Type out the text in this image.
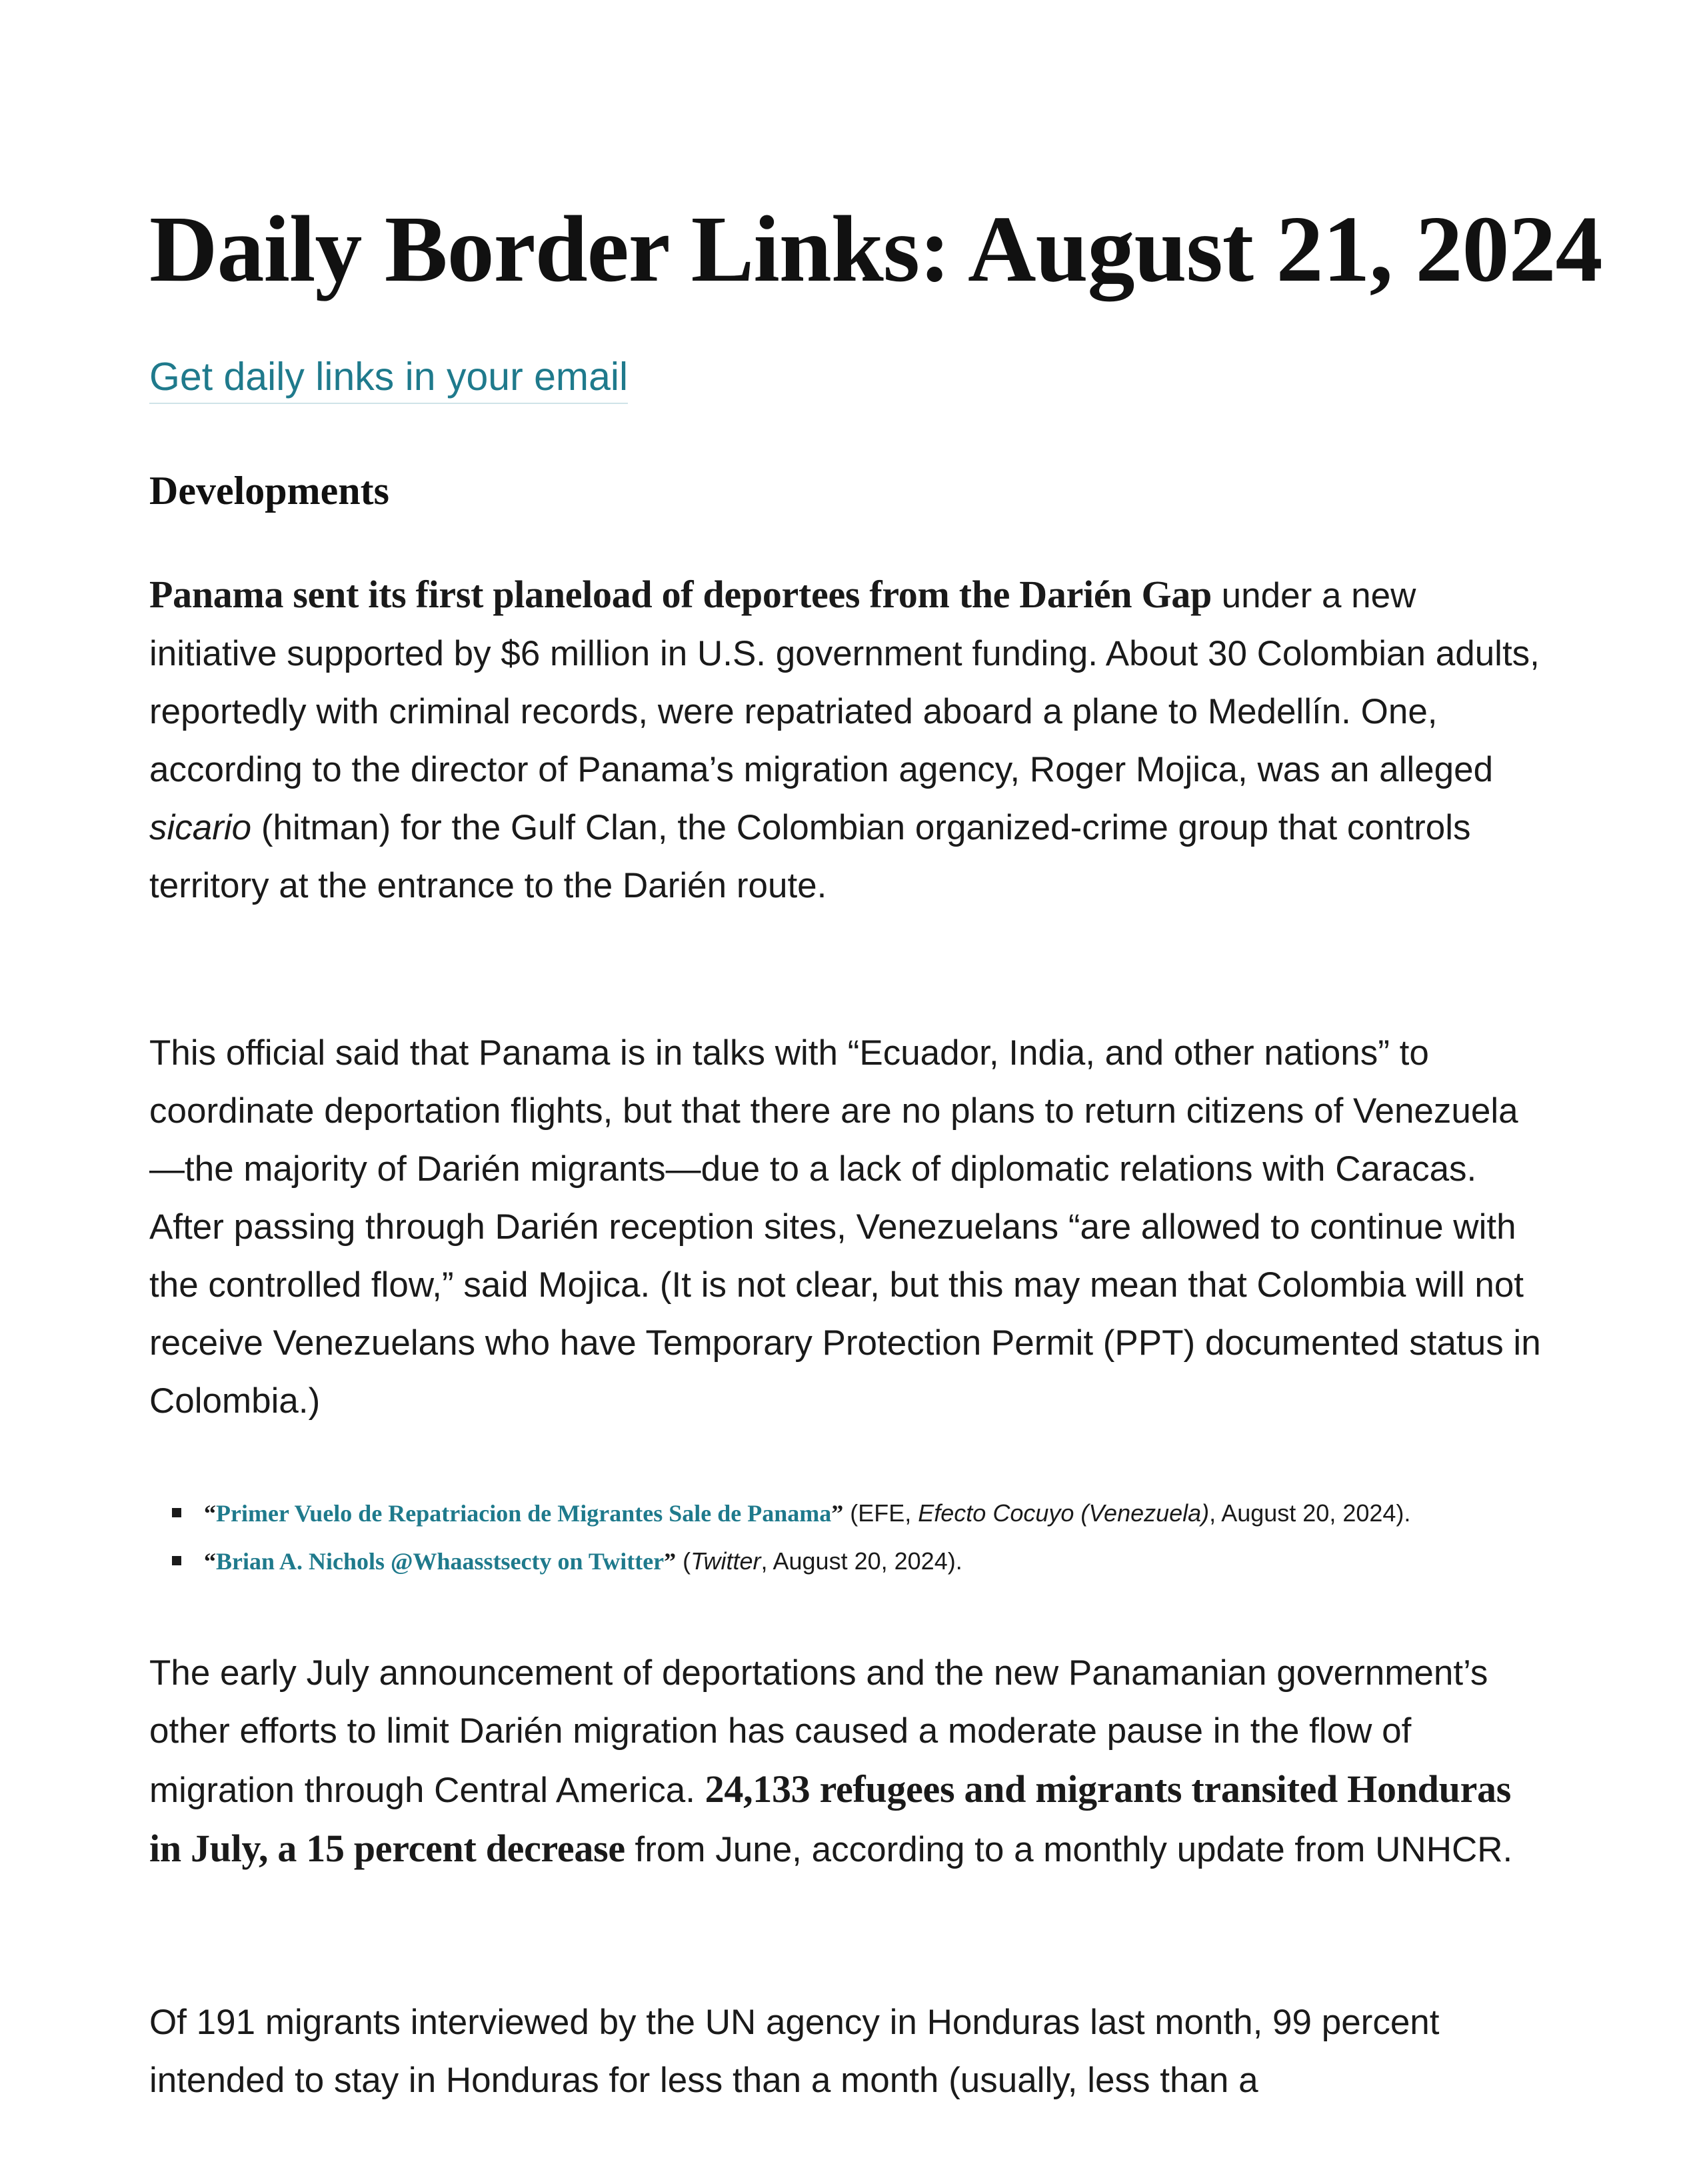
Daily Border Links: August 21, 2024
Get daily links in your email
Developments

Panama sent its first planeload of deportees from the Darién Gap under a new initiative supported by $6 million in U.S. government funding. About 30 Colombian adults, reportedly with criminal records, were repatriated aboard a plane to Medellín. One, according to the director of Panama’s migration agency, Roger Mojica, was an alleged sicario (hitman) for the Gulf Clan, the Colombian organized-crime group that controls territory at the entrance to the Darién route.

This official said that Panama is in talks with “Ecuador, India, and other nations” to coordinate deportation flights, but that there are no plans to return citizens of Venezuela—the majority of Darién migrants—due to a lack of diplomatic relations with Caracas. After passing through Darién reception sites, Venezuelans “are allowed to continue with the controlled flow,” said Mojica. (It is not clear, but this may mean that Colombia will not receive Venezuelans who have Temporary Protection Permit (PPT) documented status in Colombia.)

“Primer Vuelo de Repatriacion de Migrantes Sale de Panama” (EFE, Efecto Cocuyo (Venezuela), August 20, 2024).
“Brian A. Nichols @Whaasstsecty on Twitter” (Twitter, August 20, 2024).

The early July announcement of deportations and the new Panamanian government’s other efforts to limit Darién migration has caused a moderate pause in the flow of migration through Central America. 24,133 refugees and migrants transited Honduras in July, a 15 percent decrease from June, according to a monthly update from UNHCR.

Of 191 migrants interviewed by the UN agency in Honduras last month, 99 percent intended to stay in Honduras for less than a month (usually, less than a
